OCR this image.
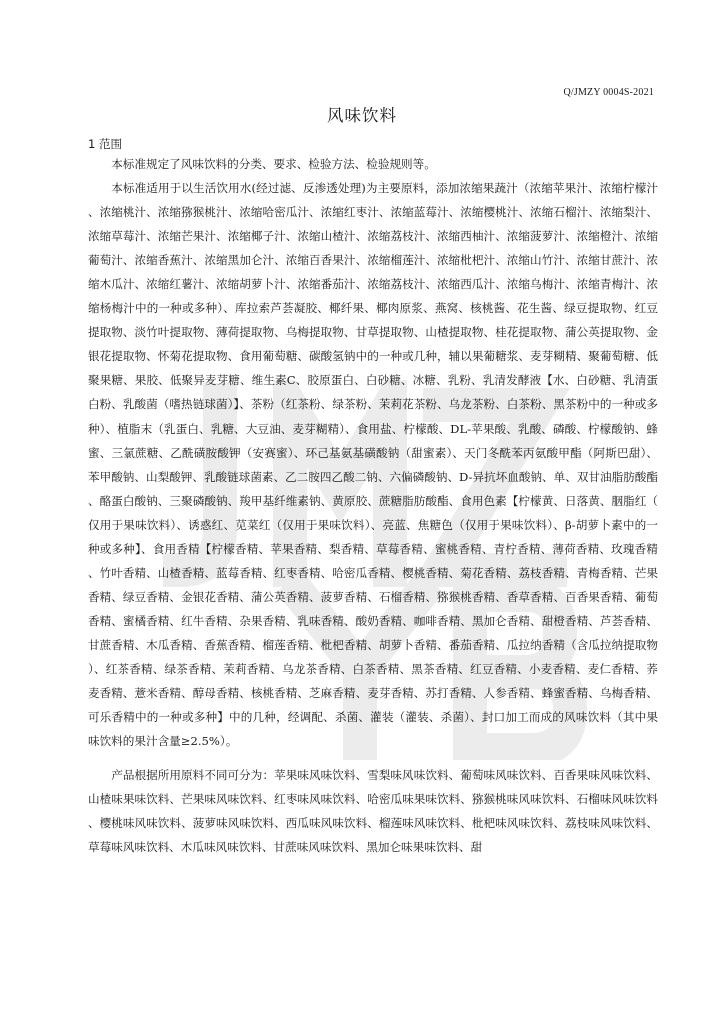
Q/JMZY 0004S-2021
风味饮料
1 范围

本标准规定了风味饮料的分类、要求、检验方法、检验规则等。

本标准适用于以生活饮用水(经过滤、反渗透处理)为主要原料，添加浓缩果蔬汁（浓缩苹果汁、浓缩柠檬汁、浓缩桃汁、浓缩猕猴桃汁、浓缩哈密瓜汁、浓缩红枣汁、浓缩蓝莓汁、浓缩樱桃汁、浓缩石榴汁、浓缩梨汁、浓缩草莓汁、浓缩芒果汁、浓缩椰子汁、浓缩山楂汁、浓缩荔枝汁、浓缩西柚汁、浓缩菠萝汁、浓缩橙汁、浓缩葡萄汁、浓缩香蕉汁、浓缩黑加仑汁、浓缩百香果汁、浓缩榴莲汁、浓缩枇杷汁、浓缩山竹汁、浓缩甘蔗汁、浓缩木瓜汁、浓缩红薯汁、浓缩胡萝卜汁、浓缩番茄汁、浓缩荔枝汁、浓缩西瓜汁、浓缩乌梅汁、浓缩青梅汁、浓缩杨梅汁中的一种或多种）、库拉索芦荟凝胶、椰纤果、椰肉原浆、燕窝、核桃酱、花生酱、绿豆提取物、红豆提取物、淡竹叶提取物、薄荷提取物、乌梅提取物、甘草提取物、山楂提取物、桂花提取物、蒲公英提取物、金银花提取物、怀菊花提取物、食用葡萄糖、碳酸氢钠中的一种或几种，辅以果葡糖浆、麦芽糊精、聚葡萄糖、低聚果糖、果胶、低聚异麦芽糖、维生素C、胶原蛋白、白砂糖、冰糖、乳粉、乳清发酵液【水、白砂糖、乳清蛋白粉、乳酸菌（嗜热链球菌）】、茶粉（红茶粉、绿茶粉、茉莉花茶粉、乌龙茶粉、白茶粉、黑茶粉中的一种或多种）、植脂末（乳蛋白、乳糖、大豆油、麦芽糊精）、食用盐、柠檬酸、DL-苹果酸、乳酸、磷酸、柠檬酸钠、蜂蜜、三氯蔗糖、乙酰磺胺酸钾（安赛蜜）、环己基氨基磺酸钠（甜蜜素）、天门冬酰苯丙氨酸甲酯（阿斯巴甜）、苯甲酸钠、山梨酸钾、乳酸链球菌素、乙二胺四乙酸二钠、六偏磷酸钠、D-异抗坏血酸钠、单、双甘油脂肪酸酯、酪蛋白酸钠、三聚磷酸钠、羧甲基纤维素钠、黄原胶、蔗糖脂肪酸酯、食用色素【柠檬黄、日落黄、胭脂红（仅用于果味饮料）、诱惑红、苋菜红（仅用于果味饮料）、亮蓝、焦糖色（仅用于果味饮料）、β-胡萝卜素中的一种或多种】、食用香精【柠檬香精、苹果香精、梨香精、草莓香精、蜜桃香精、青柠香精、薄荷香精、玫瑰香精、竹叶香精、山楂香精、蓝莓香精、红枣香精、哈密瓜香精、樱桃香精、菊花香精、荔枝香精、青梅香精、芒果香精、绿豆香精、金银花香精、蒲公英香精、菠萝香精、石榴香精、猕猴桃香精、香草香精、百香果香精、葡萄香精、蜜橘香精、红牛香精、杂果香精、乳味香精、酸奶香精、咖啡香精、黑加仑香精、甜橙香精、芦荟香精、甘蔗香精、木瓜香精、香蕉香精、榴莲香精、枇杷香精、胡萝卜香精、番茄香精、瓜拉纳香精（含瓜拉纳提取物）、红茶香精、绿茶香精、茉莉香精、乌龙茶香精、白茶香精、黑茶香精、红豆香精、小麦香精、麦仁香精、荞麦香精、薏米香精、醇母香精、核桃香精、芝麻香精、麦芽香精、苏打香精、人参香精、蜂蜜香精、乌梅香精、可乐香精中的一种或多种】中的几种，经调配、杀菌、灌装（灌装、杀菌）、封口加工而成的风味饮料（其中果味饮料的果汁含量≥2.5%）。

产品根据所用原料不同可分为：苹果味风味饮料、雪梨味风味饮料、葡萄味风味饮料、百香果味风味饮料、山楂味果味饮料、芒果味风味饮料、红枣味风味饮料、哈密瓜味果味饮料、猕猴桃味风味饮料、石榴味风味饮料、樱桃味风味饮料、菠萝味风味饮料、西瓜味风味饮料、榴莲味风味饮料、枇杷味风味饮料、荔枝味风味饮料、草莓味风味饮料、木瓜味风味饮料、甘蔗味风味饮料、黑加仑味果味饮料、甜
